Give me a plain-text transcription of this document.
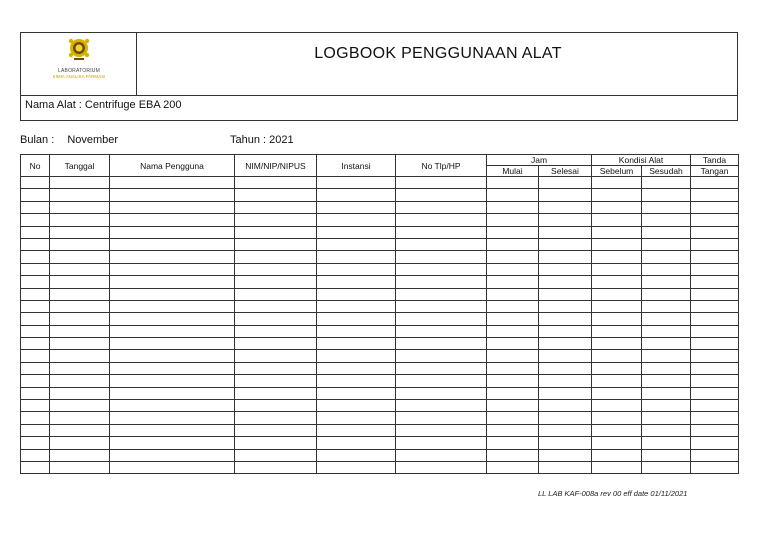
LABORATORIUM
KIMIA ANALISA FARMASI
LOGBOOK PENGGUNAAN ALAT
Nama Alat : Centrifuge EBA 200
Bulan : November	Tahun : 2021
No	Tanggal	Nama Pengguna	NIM/NIP/NIPUS	Instansi	No Tlp/HP	Jam		Kondisi Alat		Tanda
						Mulai	Selesai	Sebelum	Sesudah	Tangan

LL LAB KAF-008a rev 00 eff date 01/11/2021
